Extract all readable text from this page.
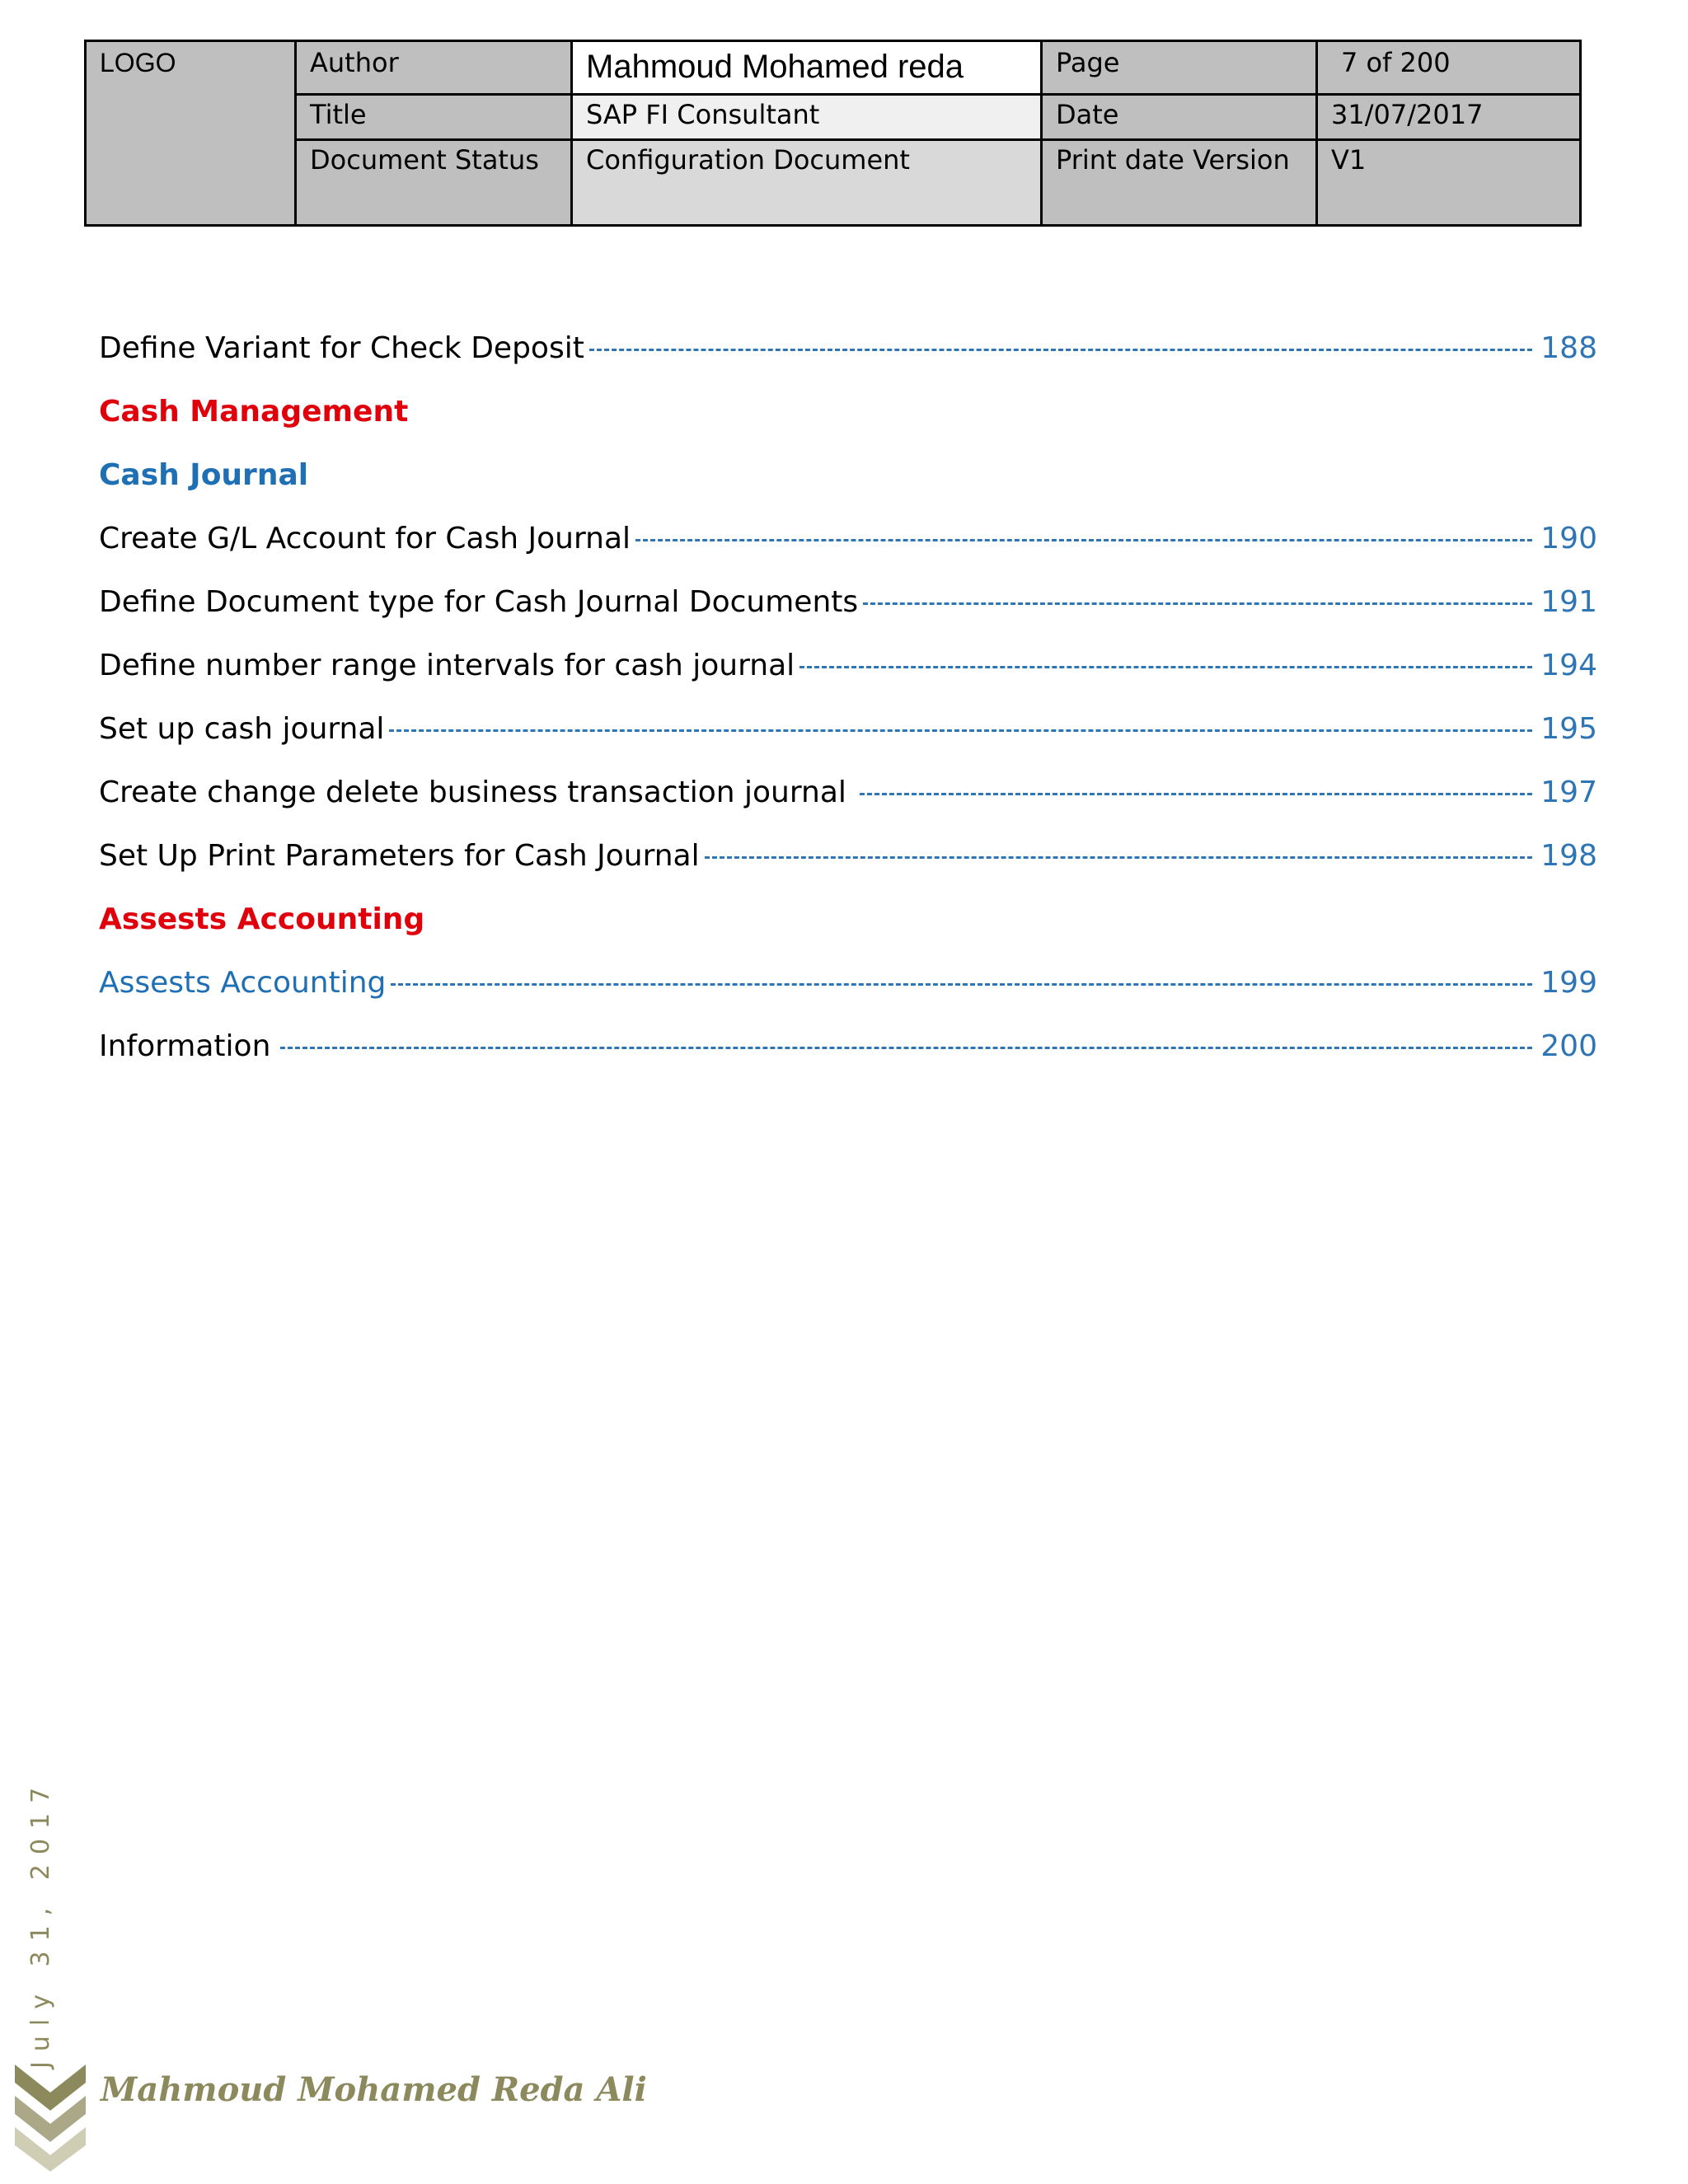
LOGO	Author	Mahmoud Mohamed reda	Page	7 of 200
	Title	SAP FI Consultant	Date	31/07/2017
	Document Status	Configuration Document	Print date Version	V1
Define Variant for Check Deposit	188
Cash Management
Cash Journal
Create G/L Account for Cash Journal	190
Define Document type for Cash Journal Documents	191
Define number range intervals for cash journal	194
Set up cash journal	195
Create change delete business transaction journal	197
Set Up Print Parameters for Cash Journal	198
Assests Accounting
Assests Accounting	199
Information	200
July 31, 2017
Mahmoud Mohamed Reda Ali
